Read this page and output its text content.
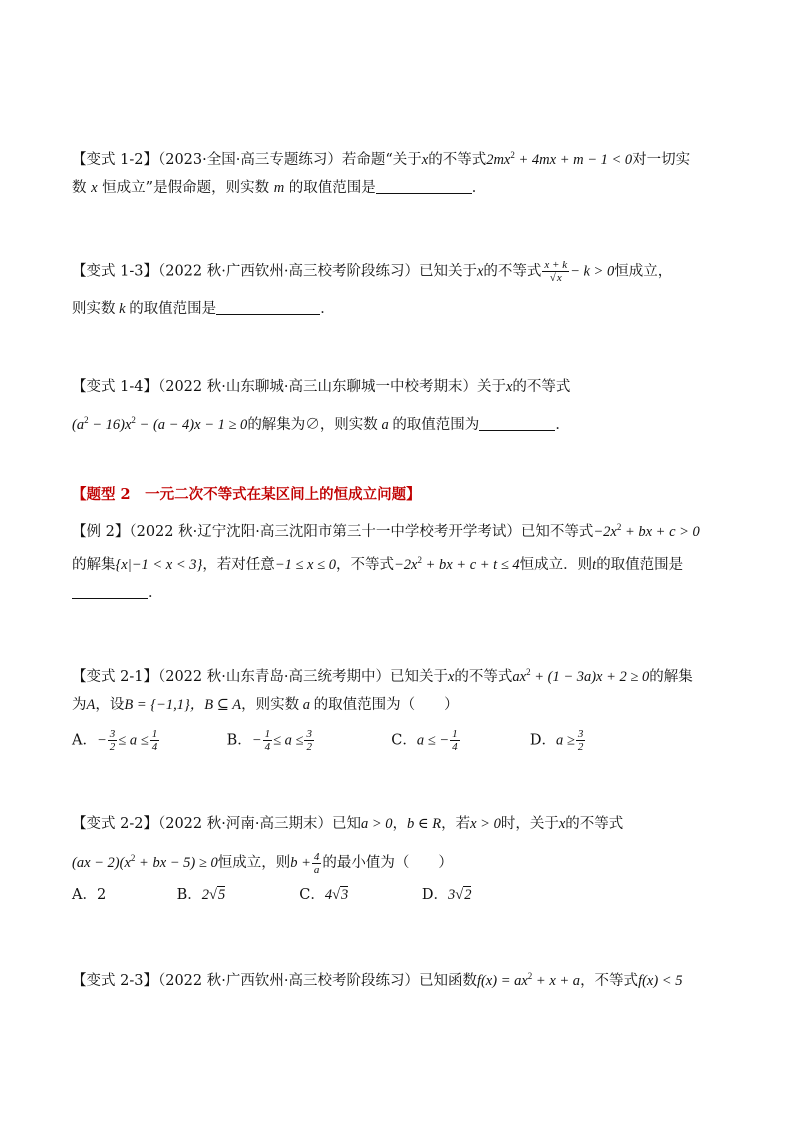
【变式 1-2】（2023·全国·高三专题练习）若命题“关于x的不等式$2mx^2 + 4mx + m - 1 < 0$对一切实
数 x 恒成立”是假命题，则实数 m 的取值范围是	．
【变式 1-3】（2022 秋·广西钦州·高三校考阶段练习）已知关于x的不等式 $\frac{x + k}{√x} - k > 0$恒成立，
则实数 k 的取值范围是	．
【变式 1-4】（2022 秋·山东聊城·高三山东聊城一中校考期末）关于x的不等式
$(a^2 - 16)x^2 - (a - 4)x - 1 \ge 0$的解集为∅，则实数 a 的取值范围为	．
【题型 2　一元二次不等式在某区间上的恒成立问题】
【例 2】（2022 秋·辽宁沈阳·高三沈阳市第三十一中学校考开学考试）已知不等式$-2x^2$ + bx + c > 0
的解集{x|−1 < x < 3}，若对任意−1 ≤ x ≤ 0，不等式$-2x^2$ + bx + c + t ≤ 4恒成立．则t的取值范围是
．
【变式 2-1】（2022 秋·山东青岛·高三统考期中）已知关于x的不等式$ax^2 + (1 - 3a)x + 2 \ge 0$的解集
为A，设B = {−1,1}，B ⊆ A，则实数 a 的取值范围为（　　）
A．− $\frac{3}{2} \le a \le \frac{1}{4}$	B．− $\frac{1}{4} \le a \le \frac{3}{2}$	C．a ≤ − $\frac{1}{4}$	D．$a \ge \frac{3}{2}$
【变式 2-2】（2022 秋·河南·高三期末）已知a > 0，b ∈ R，若x > 0时，关于x的不等式
$(ax - 2)(x^2$ + bx − 5) ≥ 0恒成立，则$b + \frac{4}{a}$ 的最小值为（　　）
A．2	B．2√5	C．4√3	D．3√2
【变式 2-3】（2022 秋·广西钦州·高三校考阶段练习）已知函数$f(x) = ax^2 + x + a$，不等式f(x) < 5
